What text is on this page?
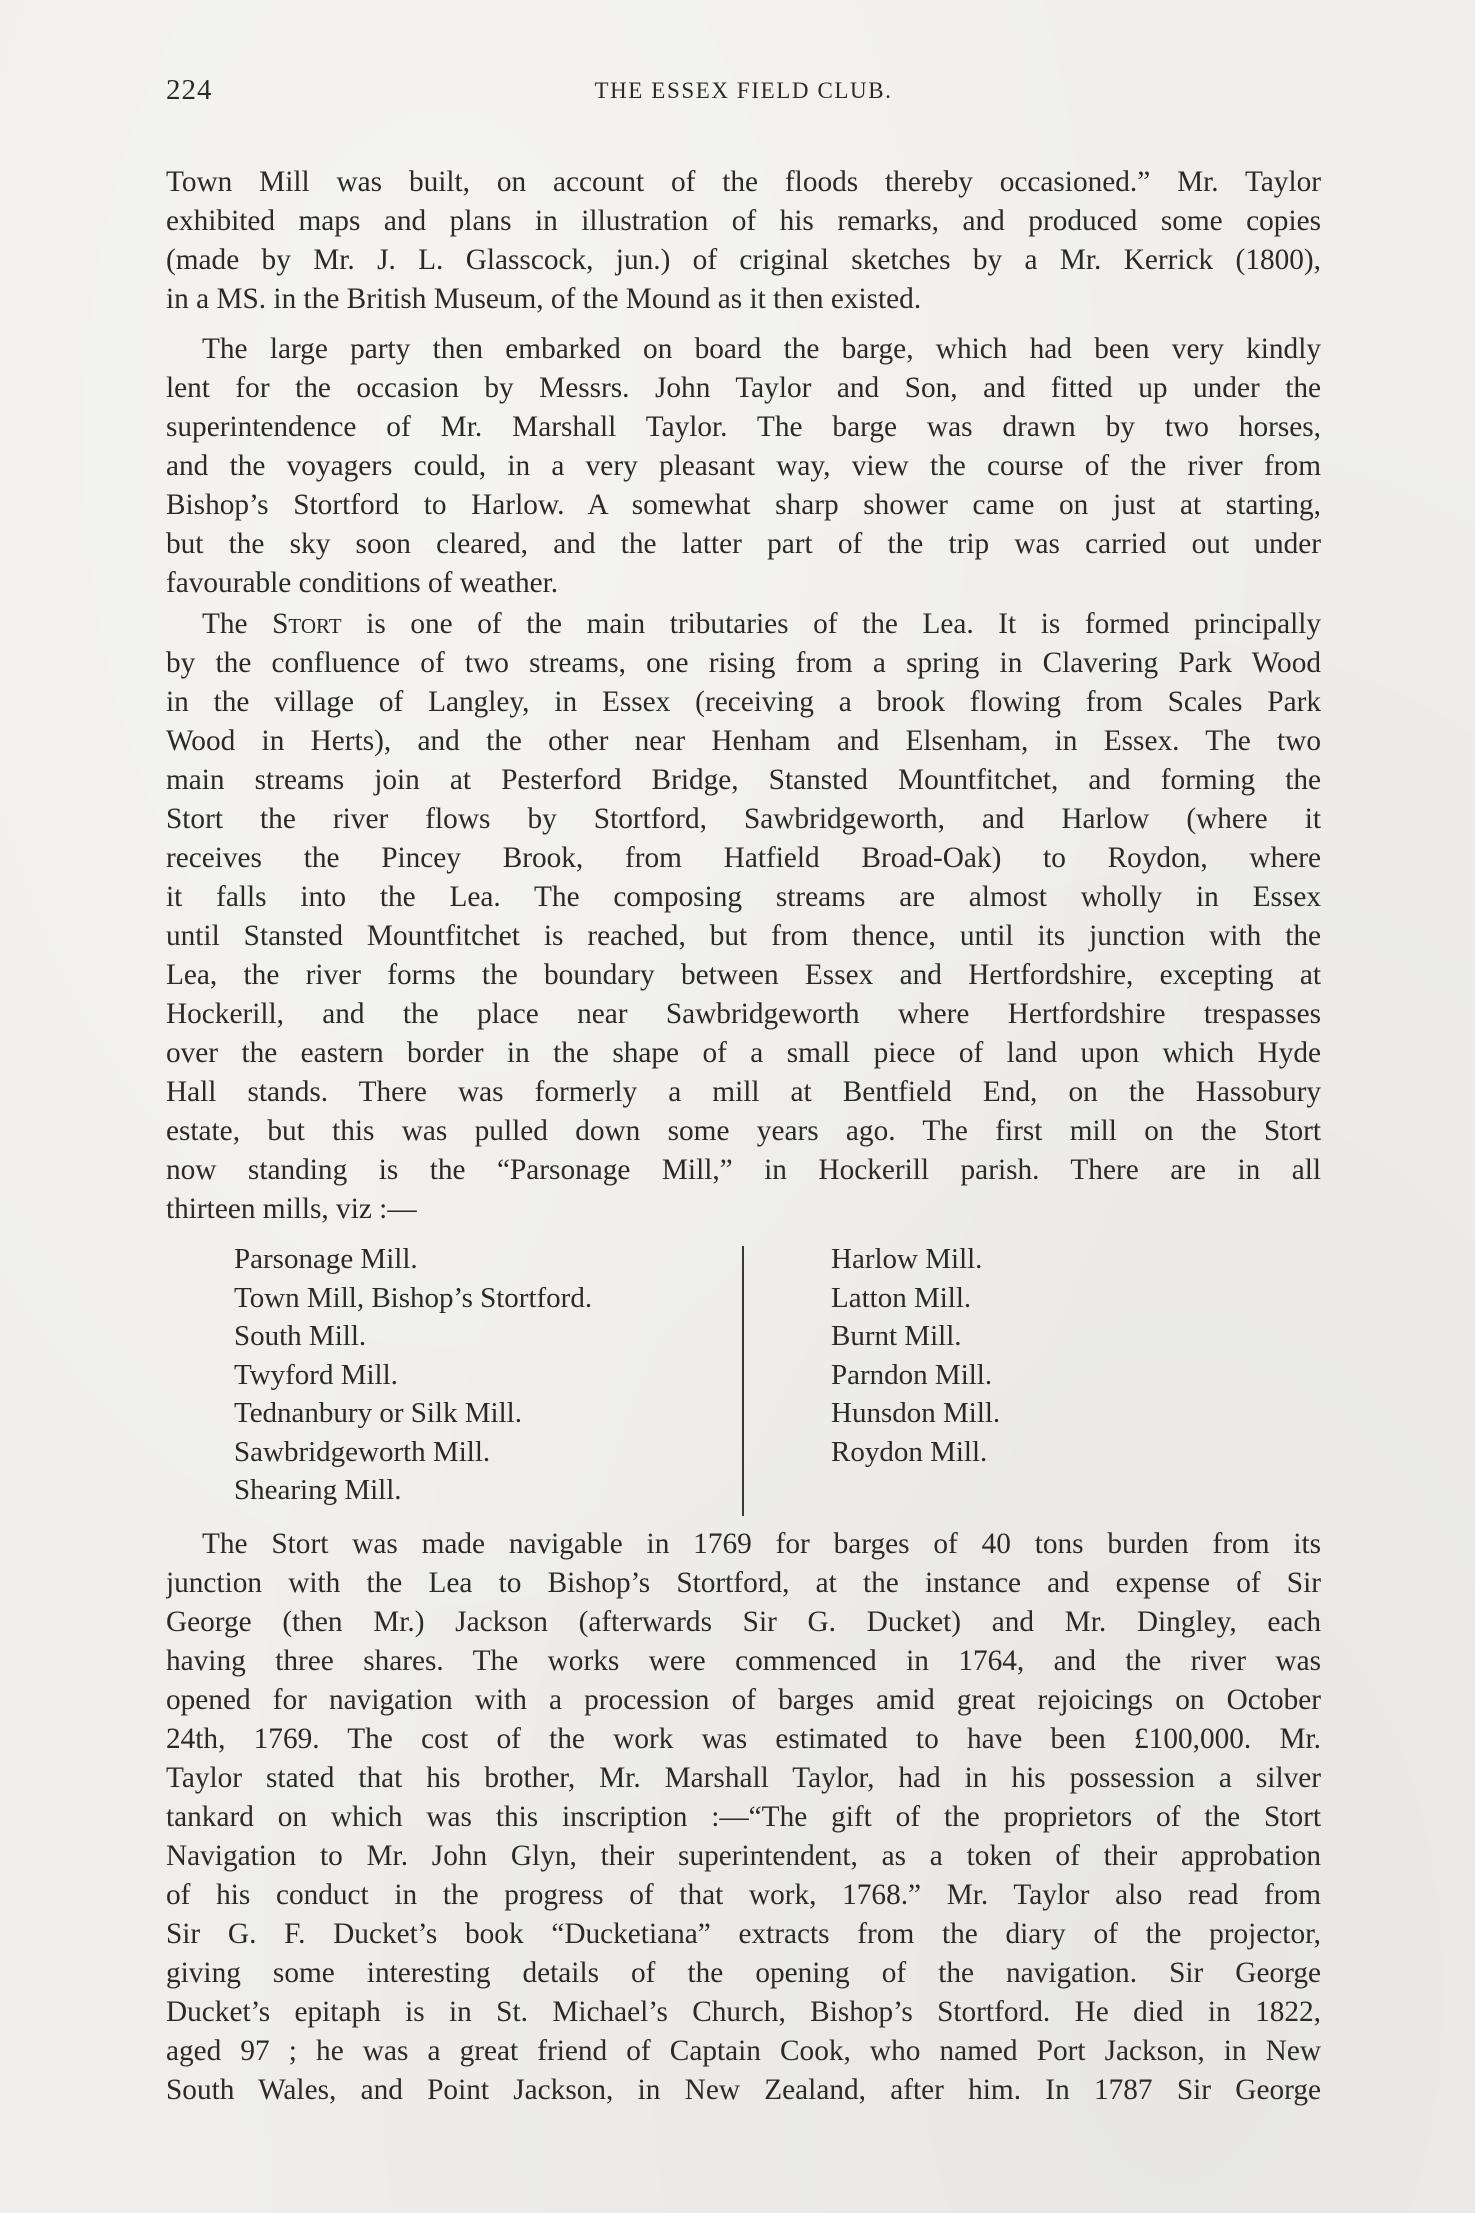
224	THE ESSEX FIELD CLUB.
Town Mill was built, on account of the floods thereby occasioned.” Mr. Taylor
exhibited maps and plans in illustration of his remarks, and produced some copies
(made by Mr. J. L. Glasscock, jun.) of criginal sketches by a Mr. Kerrick (1800),
in a MS. in the British Museum, of the Mound as it then existed.
The large party then embarked on board the barge, which had been very kindly
lent for the occasion by Messrs. John Taylor and Son, and fitted up under the
superintendence of Mr. Marshall Taylor. The barge was drawn by two horses,
and the voyagers could, in a very pleasant way, view the course of the river from
Bishop’s Stortford to Harlow. A somewhat sharp shower came on just at starting,
but the sky soon cleared, and the latter part of the trip was carried out under
favourable conditions of weather.
The Stort is one of the main tributaries of the Lea. It is formed principally
by the confluence of two streams, one rising from a spring in Clavering Park Wood
in the village of Langley, in Essex (receiving a brook flowing from Scales Park
Wood in Herts), and the other near Henham and Elsenham, in Essex. The two
main streams join at Pesterford Bridge, Stansted Mountfitchet, and forming the
Stort the river flows by Stortford, Sawbridgeworth, and Harlow (where it
receives the Pincey Brook, from Hatfield Broad-Oak) to Roydon, where
it falls into the Lea. The composing streams are almost wholly in Essex
until Stansted Mountfitchet is reached, but from thence, until its junction with the
Lea, the river forms the boundary between Essex and Hertfordshire, excepting at
Hockerill, and the place near Sawbridgeworth where Hertfordshire trespasses
over the eastern border in the shape of a small piece of land upon which Hyde
Hall stands. There was formerly a mill at Bentfield End, on the Hassobury
estate, but this was pulled down some years ago. The first mill on the Stort
now standing is the “Parsonage Mill,” in Hockerill parish. There are in all
thirteen mills, viz :—
Parsonage Mill.
Town Mill, Bishop’s Stortford.
South Mill.
Twyford Mill.
Tednanbury or Silk Mill.
Sawbridgeworth Mill.
Shearing Mill.
Harlow Mill.
Latton Mill.
Burnt Mill.
Parndon Mill.
Hunsdon Mill.
Roydon Mill.
The Stort was made navigable in 1769 for barges of 40 tons burden from its
junction with the Lea to Bishop’s Stortford, at the instance and expense of Sir
George (then Mr.) Jackson (afterwards Sir G. Ducket) and Mr. Dingley, each
having three shares. The works were commenced in 1764, and the river was
opened for navigation with a procession of barges amid great rejoicings on October
24th, 1769. The cost of the work was estimated to have been £100,000. Mr.
Taylor stated that his brother, Mr. Marshall Taylor, had in his possession a silver
tankard on which was this inscription :—“The gift of the proprietors of the Stort
Navigation to Mr. John Glyn, their superintendent, as a token of their approbation
of his conduct in the progress of that work, 1768.” Mr. Taylor also read from
Sir G. F. Ducket’s book “Ducketiana” extracts from the diary of the projector,
giving some interesting details of the opening of the navigation. Sir George
Ducket’s epitaph is in St. Michael’s Church, Bishop’s Stortford. He died in 1822,
aged 97 ; he was a great friend of Captain Cook, who named Port Jackson, in New
South Wales, and Point Jackson, in New Zealand, after him. In 1787 Sir George
